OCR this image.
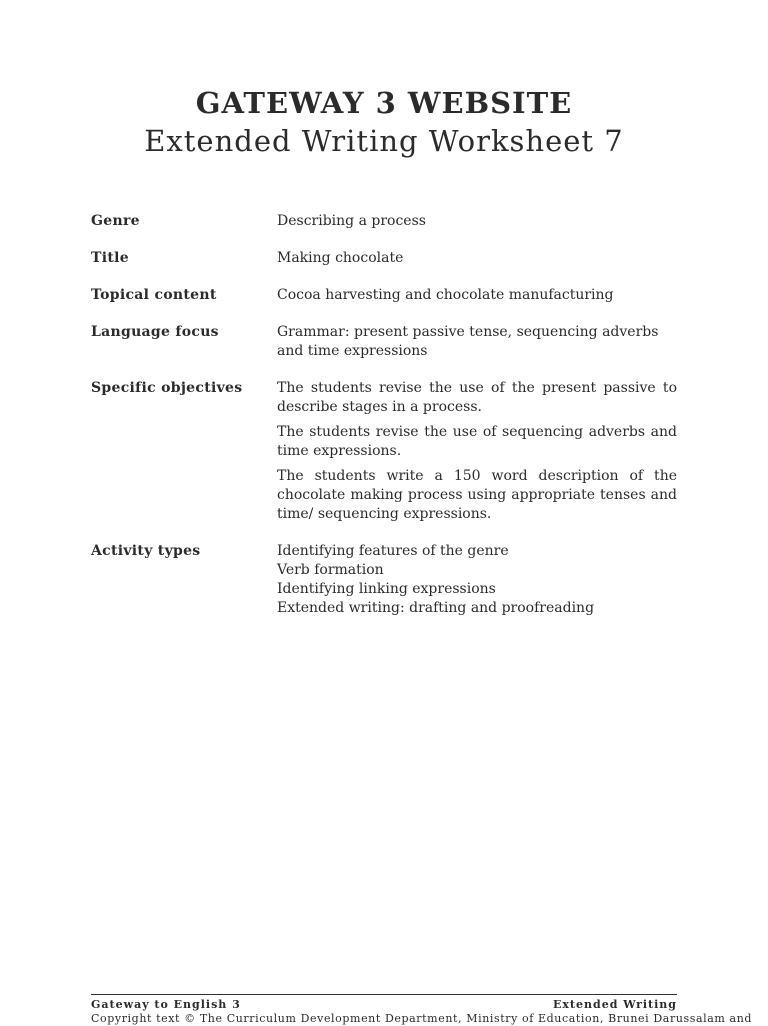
GATEWAY 3 WEBSITE
Extended Writing Worksheet 7
Genre	Describing a process

Title	Making chocolate

Topical content	Cocoa harvesting and chocolate manufacturing

Language focus	Grammar: present passive tense, sequencing adverbs and time expressions

Specific objectives	The students revise the use of the present passive to describe stages in a process.

The students revise the use of sequencing adverbs and time expressions.

The students write a 150 word description of the chocolate making process using appropriate tenses and time/ sequencing expressions.

Activity types	Identifying features of the genre
Verb formation
Identifying linking expressions
Extended writing: drafting and proofreading
Gateway to English 3	Extended Writing
Copyright text © The Curriculum Development Department, Ministry of Education, Brunei Darussalam and
